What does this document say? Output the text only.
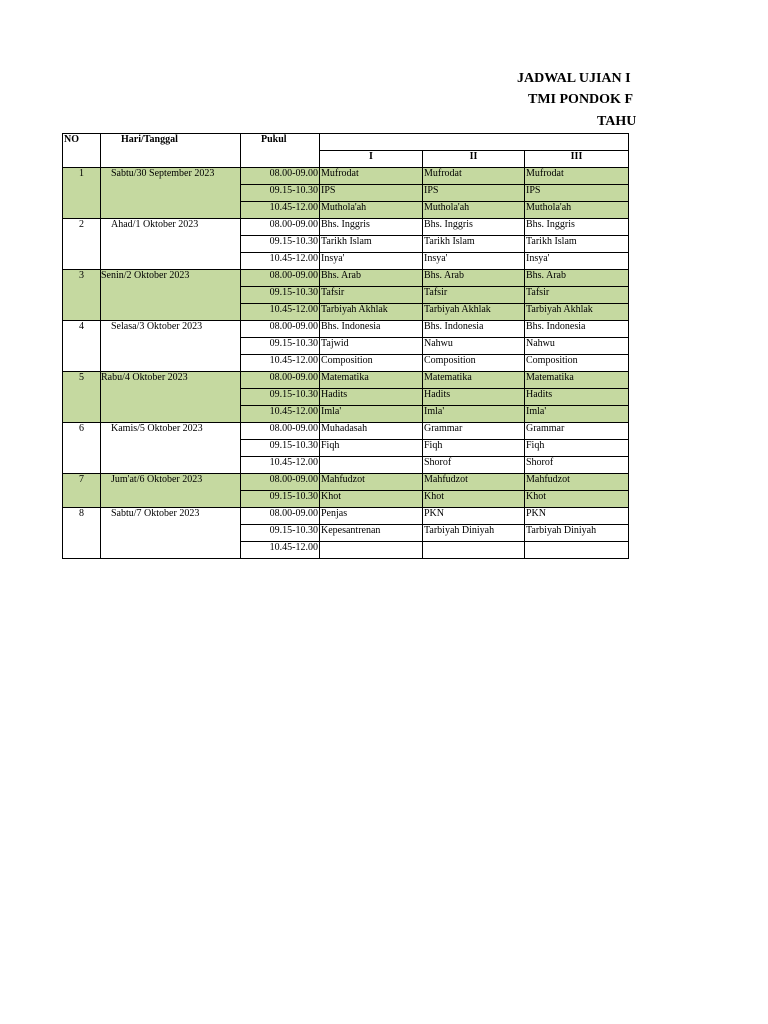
JADWAL UJIAN I
TMI PONDOK F
TAHU
NO	Hari/Tanggal	Pukul			
			I	II	III
1	Sabtu/30 September 2023	08.00-09.00	Mufrodat	Mufrodat	Mufrodat
		09.15-10.30	IPS	IPS	IPS
		10.45-12.00	Muthola'ah	Muthola'ah	Muthola'ah
2	Ahad/1 Oktober 2023	08.00-09.00	Bhs. Inggris	Bhs. Inggris	Bhs. Inggris
		09.15-10.30	Tarikh Islam	Tarikh Islam	Tarikh Islam
		10.45-12.00	Insya'	Insya'	Insya'
3	Senin/2 Oktober 2023	08.00-09.00	Bhs. Arab	Bhs. Arab	Bhs. Arab
		09.15-10.30	Tafsir	Tafsir	Tafsir
		10.45-12.00	Tarbiyah Akhlak	Tarbiyah Akhlak	Tarbiyah Akhlak
4	Selasa/3 Oktober 2023	08.00-09.00	Bhs. Indonesia	Bhs. Indonesia	Bhs. Indonesia
		09.15-10.30	Tajwid	Nahwu	Nahwu
		10.45-12.00	Composition	Composition	Composition
5	Rabu/4 Oktober 2023	08.00-09.00	Matematika	Matematika	Matematika
		09.15-10.30	Hadits	Hadits	Hadits
		10.45-12.00	Imla'	Imla'	Imla'
6	Kamis/5 Oktober 2023	08.00-09.00	Muhadasah	Grammar	Grammar
		09.15-10.30	Fiqh	Fiqh	Fiqh
		10.45-12.00		Shorof	Shorof
7	Jum'at/6 Oktober 2023	08.00-09.00	Mahfudzot	Mahfudzot	Mahfudzot
		09.15-10.30	Khot	Khot	Khot
8	Sabtu/7 Oktober 2023	08.00-09.00	Penjas	PKN	PKN
		09.15-10.30	Kepesantrenan	Tarbiyah Diniyah	Tarbiyah Diniyah
		10.45-12.00			
